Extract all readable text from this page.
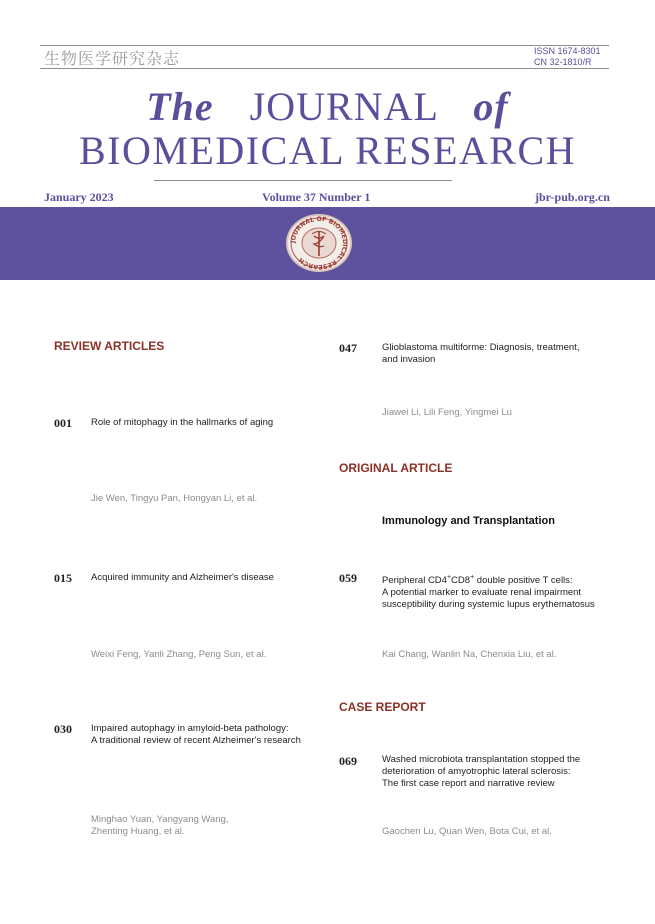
生物医学研究杂志	ISSN 1674-8301
CN 32-1810/R
The JOURNAL of
BIOMEDICAL RESEARCH
January 2023	Volume 37 Number 1	jbr-pub.org.cn
JOURNAL OF BIOMEDICAL RESEARCH
REVIEW ARTICLES
001 Role of mitophagy in the hallmarks of aging
Jie Wen, Tingyu Pan, Hongyan Li, et al.
015 Acquired immunity and Alzheimer's disease
Weixi Feng, Yanli Zhang, Peng Sun, et al.
030 Impaired autophagy in amyloid-beta pathology:
A traditional review of recent Alzheimer's research
Minghao Yuan, Yangyang Wang,
Zhenting Huang, et al.
047	Glioblastoma multiforme: Diagnosis, treatment,
and invasion
Jiawei Li, Lili Feng, Yingmei Lu
ORIGINAL ARTICLE
Immunology and Transplantation
059	Peripheral CD4+CD8+ double positive T cells:
A potential marker to evaluate renal impairment
susceptibility during systemic lupus erythematosus
Kai Chang, Wanlin Na, Chenxia Liu, et al.
CASE REPORT
069	Washed microbiota transplantation stopped the
deterioration of amyotrophic lateral sclerosis:
The first case report and narrative review
Gaochen Lu, Quan Wen, Bota Cui, et al.
